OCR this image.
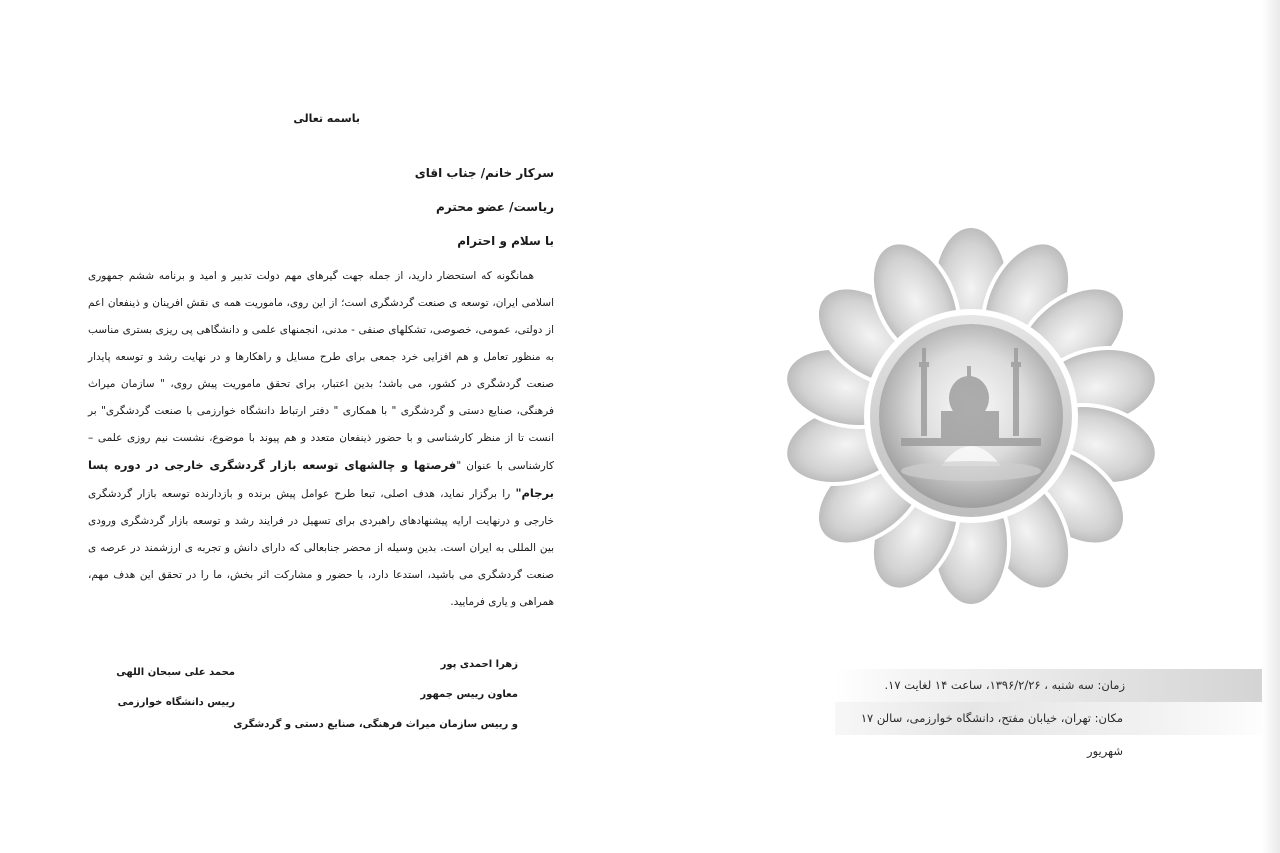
باسمه تعالی
سرکار خانم/ جناب اقای
ریاست/ عضو محترم
با سلام و احترام

همانگونه که استحضار دارید، از جمله جهت گیرهای مهم دولت تدبیر و امید و برنامه ششم جمهوری اسلامی ایران، توسعه ی صنعت گردشگری است؛ از این روی، ماموریت همه ی نقش افرینان و ذینفعان اعم از دولتی، عمومی، خصوصی، تشکلهای صنفی - مدنی، انجمنهای علمی و دانشگاهی پی ریزی بستری مناسب به منظور تعامل و هم افزایی خرد جمعی برای طرح مسایل و راهکارها و در نهایت رشد و توسعه پایدار صنعت گردشگری در کشور، می باشد؛ بدین اعتبار، برای تحقق ماموریت پیش روی، " سازمان میراث فرهنگی، صنایع دستی و گردشگری " با همکاری " دفتر ارتباط دانشگاه خوارزمی با صنعت گردشگری" بر انست تا از منظر کارشناسی و با حضور ذینفعان متعدد و هم پیوند با موضوع، نشست نیم روزی علمی – کارشناسی با عنوان "فرصتها و چالشهای توسعه بازار گردشگری خارجی در دوره پسا برجام" را برگزار نماید، هدف اصلی، تبعا طرح عوامل پیش برنده و بازدارنده توسعه بازار گردشگری خارجی و درنهایت ارایه پیشنهادهای راهبردی برای تسهیل در فرایند رشد و توسعه بازار گردشگری ورودی بین المللی به ایران است. بدین وسیله از محضر جنابعالی که دارای دانش و تجربه ی ارزشمند در عرصه ی صنعت گردشگری می باشید، استدعا دارد، با حضور و مشارکت اثر بخش، ما را در تحقق این هدف مهم، همراهی و یاری فرمایید.

زهرا احمدی پور
معاون رییس جمهور
و رییس سازمان میراث فرهنگی، صنایع دستی و گردشگری
محمد علی سبحان اللهی
رییس دانشگاه خوارزمی
زمان: سه شنبه ، ۱۳۹۶/۲/۲۶، ساعت ۱۴ لغایت ۱۷.
مکان: تهران، خیابان مفتح، دانشگاه خوارزمی، سالن ۱۷ شهریور
